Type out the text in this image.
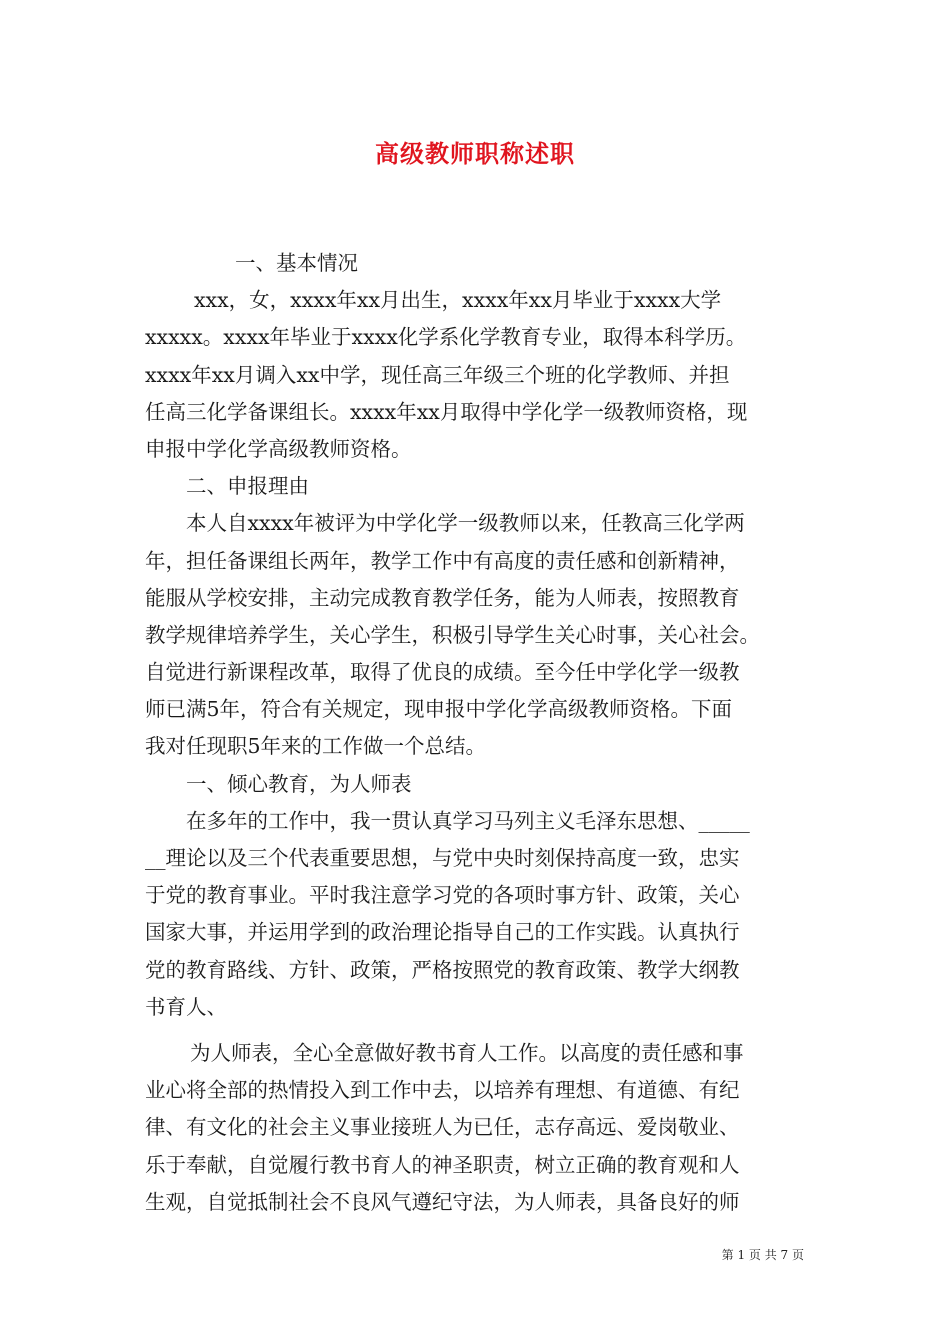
高级教师职称述职
一、基本情况
xxx，女，xxxx年xx月出生，xxxx年xx月毕业于xxxx大学
xxxxx。xxxx年毕业于xxxx化学系化学教育专业，取得本科学历。
xxxx年xx月调入xx中学，现任高三年级三个班的化学教师、并担
任高三化学备课组长。xxxx年xx月取得中学化学一级教师资格，现
申报中学化学高级教师资格。
二、申报理由
本人自xxxx年被评为中学化学一级教师以来，任教高三化学两
年，担任备课组长两年，教学工作中有高度的责任感和创新精神，
能服从学校安排，主动完成教育教学任务，能为人师表，按照教育
教学规律培养学生，关心学生，积极引导学生关心时事，关心社会。
自觉进行新课程改革，取得了优良的成绩。至今任中学化学一级教
师已满5年，符合有关规定，现申报中学化学高级教师资格。下面
我对任现职5年来的工作做一个总结。
一、倾心教育，为人师表
在多年的工作中，我一贯认真学习马列主义毛泽东思想、_____
__理论以及三个代表重要思想，与党中央时刻保持高度一致，忠实
于党的教育事业。平时我注意学习党的各项时事方针、政策，关心
国家大事，并运用学到的政治理论指导自己的工作实践。认真执行
党的教育路线、方针、政策，严格按照党的教育政策、教学大纲教
书育人、
为人师表，全心全意做好教书育人工作。以高度的责任感和事
业心将全部的热情投入到工作中去，以培养有理想、有道德、有纪
律、有文化的社会主义事业接班人为已任，志存高远、爱岗敬业、
乐于奉献，自觉履行教书育人的神圣职责，树立正确的教育观和人
生观，自觉抵制社会不良风气遵纪守法，为人师表，具备良好的师
第 1 页 共 7 页
